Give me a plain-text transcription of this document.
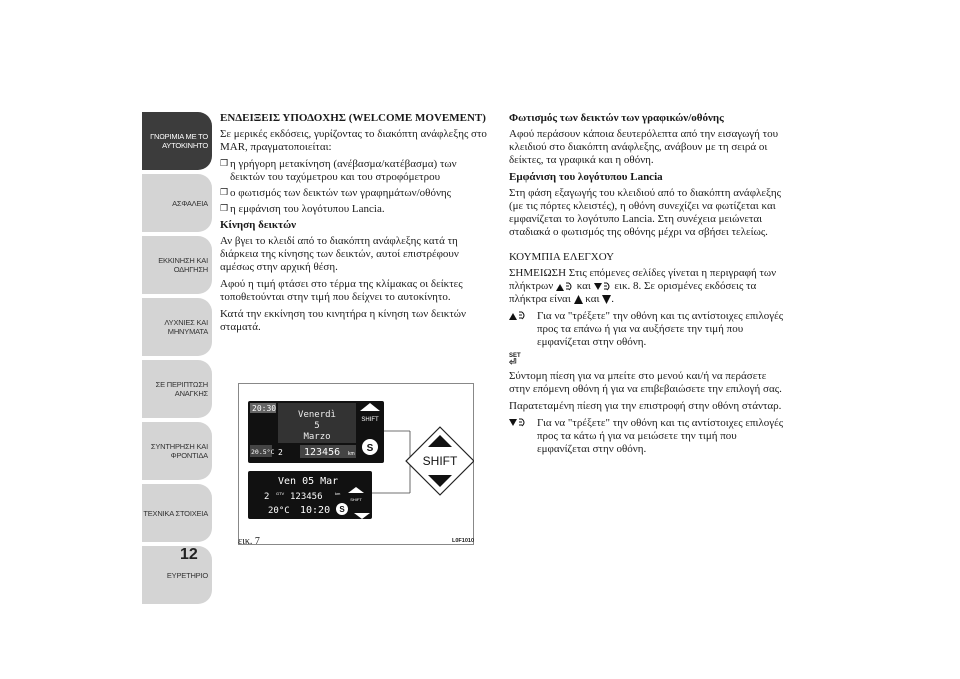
ΓΝΩΡΙΜΙΑ ΜΕ ΤΟ
ΑΥΤΟΚΙΝΗΤΟ
ΑΣΦΑΛΕΙΑ
ΕΚΚΙΝΗΣΗ ΚΑΙ
ΟΔΗΓΗΣΗ
ΛΥΧΝΙΕΣ ΚΑΙ
ΜΗΝΥΜΑΤΑ
ΣΕ ΠΕΡΙΠΤΩΣΗ
ΑΝΑΓΚΗΣ
ΣΥΝΤΗΡΗΣΗ ΚΑΙ
ΦΡΟΝΤΙΔΑ
ΤΕΧΝΙΚΑ ΣΤΟΙΧΕΙΑ
ΕΥΡΕΤΗΡΙΟ
12
ΕΝΔΕΙΞΕΙΣ ΥΠΟΔΟΧΗΣ (WELCOME MOVEMENT)

Σε μερικές εκδόσεις, γυρίζοντας το διακόπτη ανάφλεξης στο MAR, πραγματοποιείται:

❒ η γρήγορη μετακίνηση (ανέβασμα/κατέβασμα) των δεικτών του ταχύμετρου και του στροφόμετρου
❒ ο φωτισμός των δεικτών των γραφημάτων/οθόνης
❒ η εμφάνιση του λογότυπου Lancia.
Κίνηση δεικτών

Αν βγει το κλειδί από το διακόπτη ανάφλεξης κατά τη διάρκεια της κίνησης των δεικτών, αυτοί επιστρέφουν αμέσως στην αρχική θέση.

Αφού η τιμή φτάσει στο τέρμα της κλίμακας οι δείκτες τοποθετούνται στην τιμή που δείχνει το αυτοκίνητο.

Κατά την εκκίνηση του κινητήρα η κίνηση των δεικτών σταματά.

Φωτισμός των δεικτών των γραφικών/οθόνης

Αφού περάσουν κάποια δευτερόλεπτα από την εισαγωγή του κλειδιού στο διακόπτη ανάφλεξης, ανάβουν με τη σειρά οι δείκτες, τα γραφικά και η οθόνη.

Εμφάνιση του λογότυπου Lancia

Στη φάση εξαγωγής του κλειδιού από το διακόπτη ανάφλεξης (με τις πόρτες κλειστές), η οθόνη συνεχίζει να φωτίζεται και εμφανίζεται το λογότυπο Lancia. Στη συνέχεια μειώνεται σταδιακά ο φωτισμός της οθόνης μέχρι να σβήσει τελείως.

ΚΟΥΜΠΙΑ ΕΛΕΓΧΟΥ

ΣΗΜΕΙΩΣΗ Στις επόμενες σελίδες γίνεται η περιγραφή των πλήκτρων και εικ. 8. Σε ορισμένες εκδόσεις τα πλήκτρα είναι και .

Για να "τρέξετε" την οθόνη και τις αντίστοιχες επιλογές προς τα επάνω ή για να αυξήσετε την τιμή που εμφανίζεται στην οθόνη.
SET
⏎

Σύντομη πίεση για να μπείτε στο μενού και/ή να περάσετε στην επόμενη οθόνη ή για να επιβεβαιώσετε την επιλογή σας.

Παρατεταμένη πίεση για την επιστροφή στην οθόνη στάνταρ.

Για να "τρέξετε" την οθόνη και τις αντίστοιχες επιλογές προς τα κάτω ή για να μειώσετε την τιμή που εμφανίζεται στην οθόνη.
20:30
Venerdì
5
Marzo
SHIFT
20.5°C 2 123456 km S
Ven 05 Mar
2 GTV 123456	km
SHIFT
20°C 10:20 S
SHIFT
εικ. 7	L0F1010
